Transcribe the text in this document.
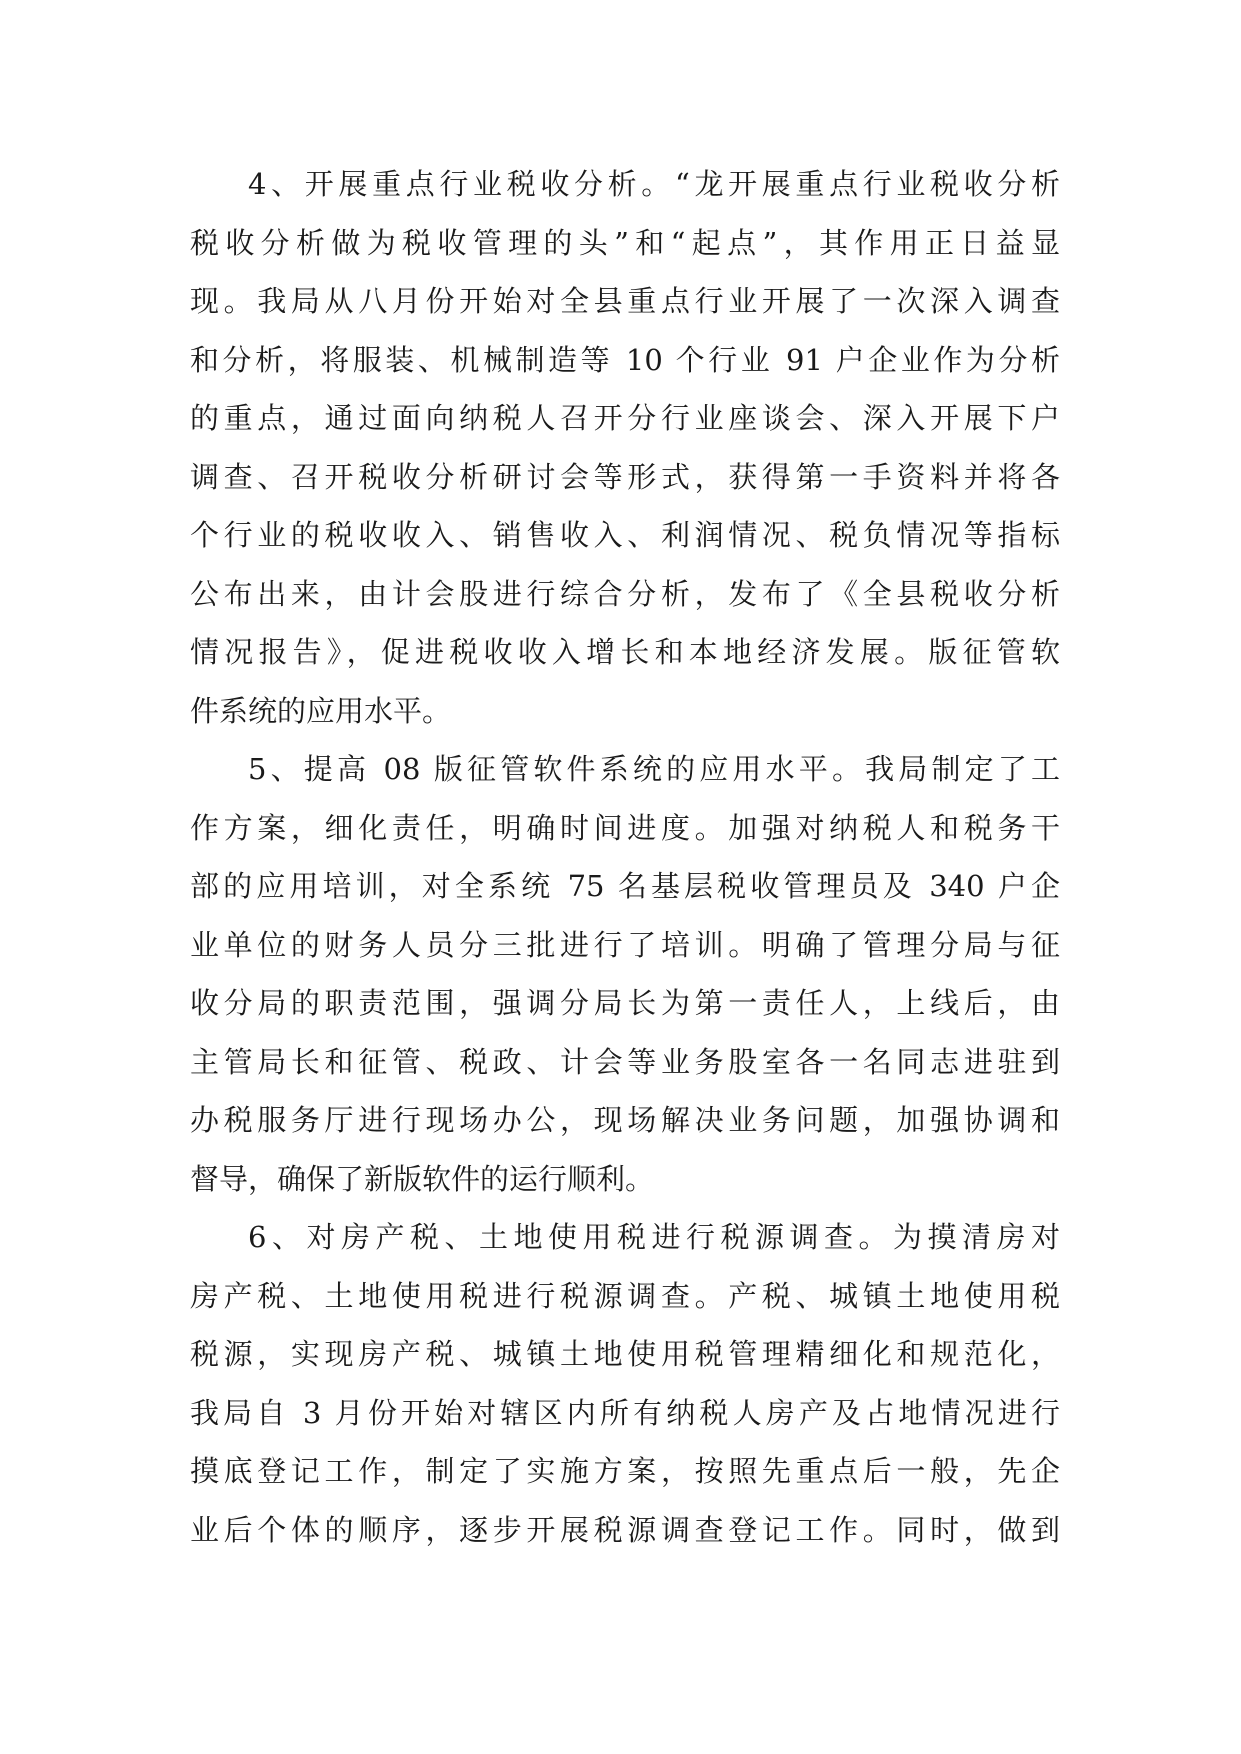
4、开展重点行业税收分析。“龙开展重点行业税收分析
税收分析做为税收管理的头”和“起点”，其作用正日益显
现。我局从八月份开始对全县重点行业开展了一次深入调查
和分析，将服装、机械制造等 10 个行业 91 户企业作为分析
的重点，通过面向纳税人召开分行业座谈会、深入开展下户
调查、召开税收分析研讨会等形式，获得第一手资料并将各
个行业的税收收入、销售收入、利润情况、税负情况等指标
公布出来，由计会股进行综合分析，发布了《全县税收分析
情况报告》，促进税收收入增长和本地经济发展。版征管软
件系统的应用水平。
5、提高 08 版征管软件系统的应用水平。我局制定了工
作方案，细化责任，明确时间进度。加强对纳税人和税务干
部的应用培训，对全系统 75 名基层税收管理员及 340 户企
业单位的财务人员分三批进行了培训。明确了管理分局与征
收分局的职责范围，强调分局长为第一责任人，上线后，由
主管局长和征管、税政、计会等业务股室各一名同志进驻到
办税服务厅进行现场办公，现场解决业务问题，加强协调和
督导，确保了新版软件的运行顺利。
6、对房产税、土地使用税进行税源调查。为摸清房对
房产税、土地使用税进行税源调查。产税、城镇土地使用税
税源，实现房产税、城镇土地使用税管理精细化和规范化，
我局自 3 月份开始对辖区内所有纳税人房产及占地情况进行
摸底登记工作，制定了实施方案，按照先重点后一般，先企
业后个体的顺序，逐步开展税源调查登记工作。同时，做到
